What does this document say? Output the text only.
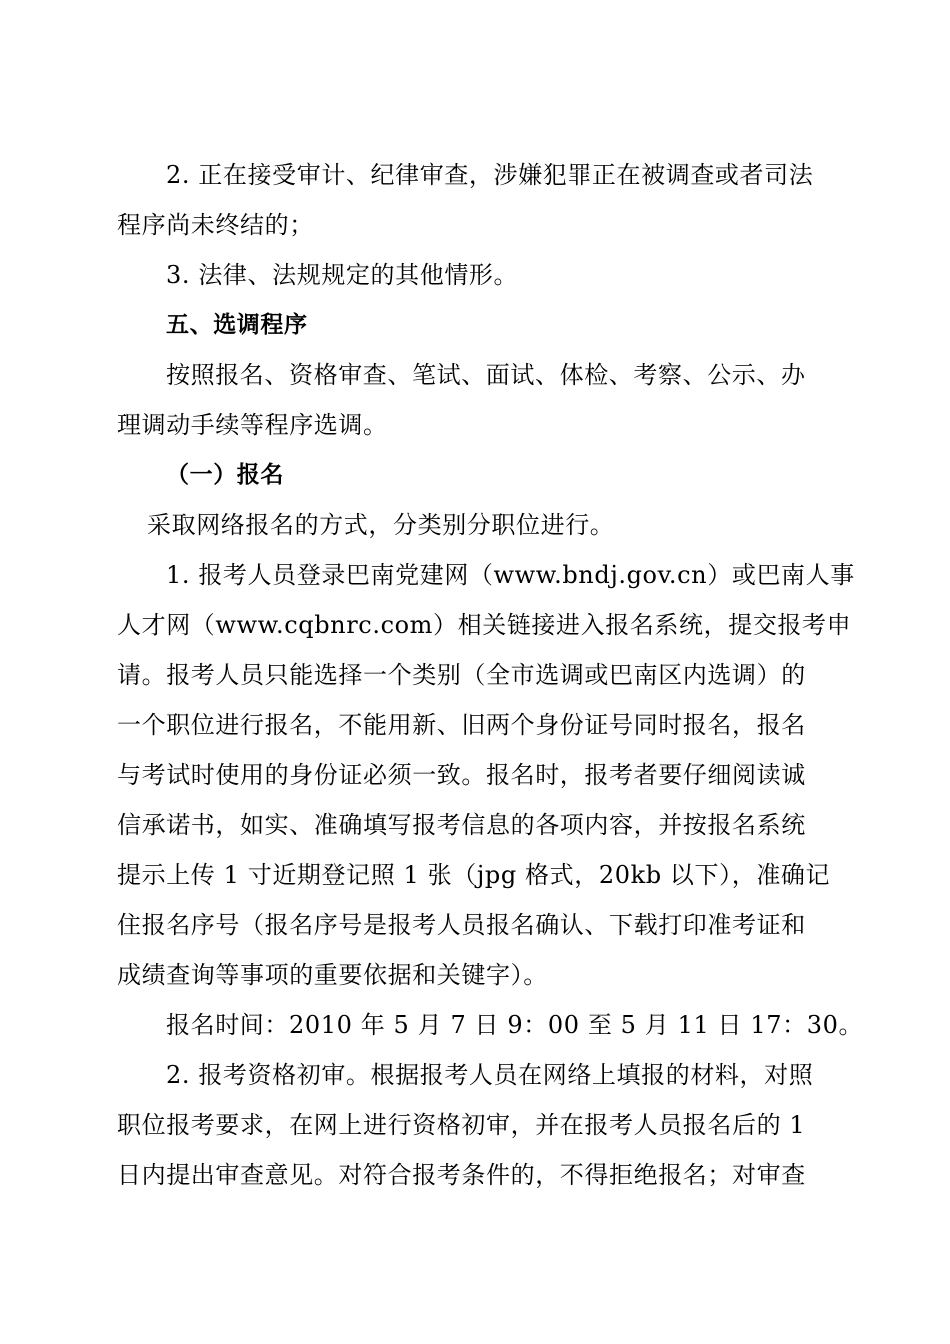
2. 正在接受审计、纪律审查，涉嫌犯罪正在被调查或者司法
程序尚未终结的；
3. 法律、法规规定的其他情形。
五、选调程序
按照报名、资格审查、笔试、面试、体检、考察、公示、办
理调动手续等程序选调。
（一）报名
采取网络报名的方式，分类别分职位进行。
1. 报考人员登录巴南党建网（www.bndj.gov.cn）或巴南人事
人才网（www.cqbnrc.com）相关链接进入报名系统，提交报考申
请。报考人员只能选择一个类别（全市选调或巴南区内选调）的
一个职位进行报名，不能用新、旧两个身份证号同时报名，报名
与考试时使用的身份证必须一致。报名时，报考者要仔细阅读诚
信承诺书，如实、准确填写报考信息的各项内容，并按报名系统
提示上传 1 寸近期登记照 1 张（jpg 格式，20kb 以下），准确记
住报名序号（报名序号是报考人员报名确认、下载打印准考证和
成绩查询等事项的重要依据和关键字）。
报名时间：2010 年 5 月 7 日 9：00 至 5 月 11 日 17：30。
2. 报考资格初审。根据报考人员在网络上填报的材料，对照
职位报考要求，在网上进行资格初审，并在报考人员报名后的 1
日内提出审查意见。对符合报考条件的，不得拒绝报名；对审查
